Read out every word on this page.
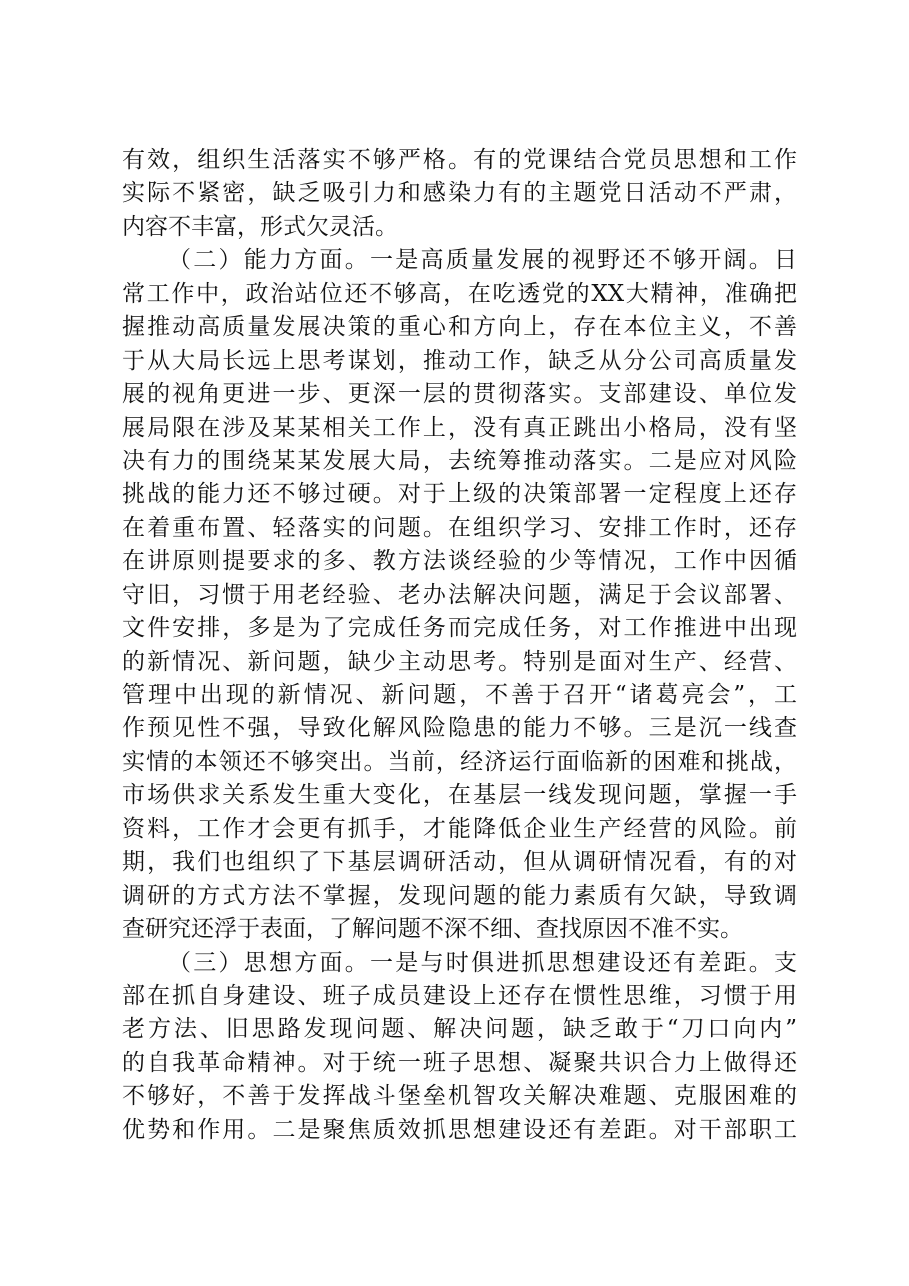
有效，组织生活落实不够严格。有的党课结合党员思想和工作
实际不紧密，缺乏吸引力和感染力有的主题党日活动不严肃，
内容不丰富，形式欠灵活。
（二）能力方面。一是高质量发展的视野还不够开阔。日
常工作中，政治站位还不够高，在吃透党的XX大精神，准确把
握推动高质量发展决策的重心和方向上，存在本位主义，不善
于从大局长远上思考谋划，推动工作，缺乏从分公司高质量发
展的视角更进一步、更深一层的贯彻落实。支部建设、单位发
展局限在涉及某某相关工作上，没有真正跳出小格局，没有坚
决有力的围绕某某发展大局，去统筹推动落实。二是应对风险
挑战的能力还不够过硬。对于上级的决策部署一定程度上还存
在着重布置、轻落实的问题。在组织学习、安排工作时，还存
在讲原则提要求的多、教方法谈经验的少等情况，工作中因循
守旧，习惯于用老经验、老办法解决问题，满足于会议部署、
文件安排，多是为了完成任务而完成任务，对工作推进中出现
的新情况、新问题，缺少主动思考。特别是面对生产、经营、
管理中出现的新情况、新问题，不善于召开“诸葛亮会”，工
作预见性不强，导致化解风险隐患的能力不够。三是沉一线查
实情的本领还不够突出。当前，经济运行面临新的困难和挑战，
市场供求关系发生重大变化，在基层一线发现问题，掌握一手
资料，工作才会更有抓手，才能降低企业生产经营的风险。前
期，我们也组织了下基层调研活动，但从调研情况看，有的对
调研的方式方法不掌握，发现问题的能力素质有欠缺，导致调
查研究还浮于表面，了解问题不深不细、查找原因不准不实。
（三）思想方面。一是与时俱进抓思想建设还有差距。支
部在抓自身建设、班子成员建设上还存在惯性思维，习惯于用
老方法、旧思路发现问题、解决问题，缺乏敢于“刀口向内”
的自我革命精神。对于统一班子思想、凝聚共识合力上做得还
不够好，不善于发挥战斗堡垒机智攻关解决难题、克服困难的
优势和作用。二是聚焦质效抓思想建设还有差距。对干部职工
